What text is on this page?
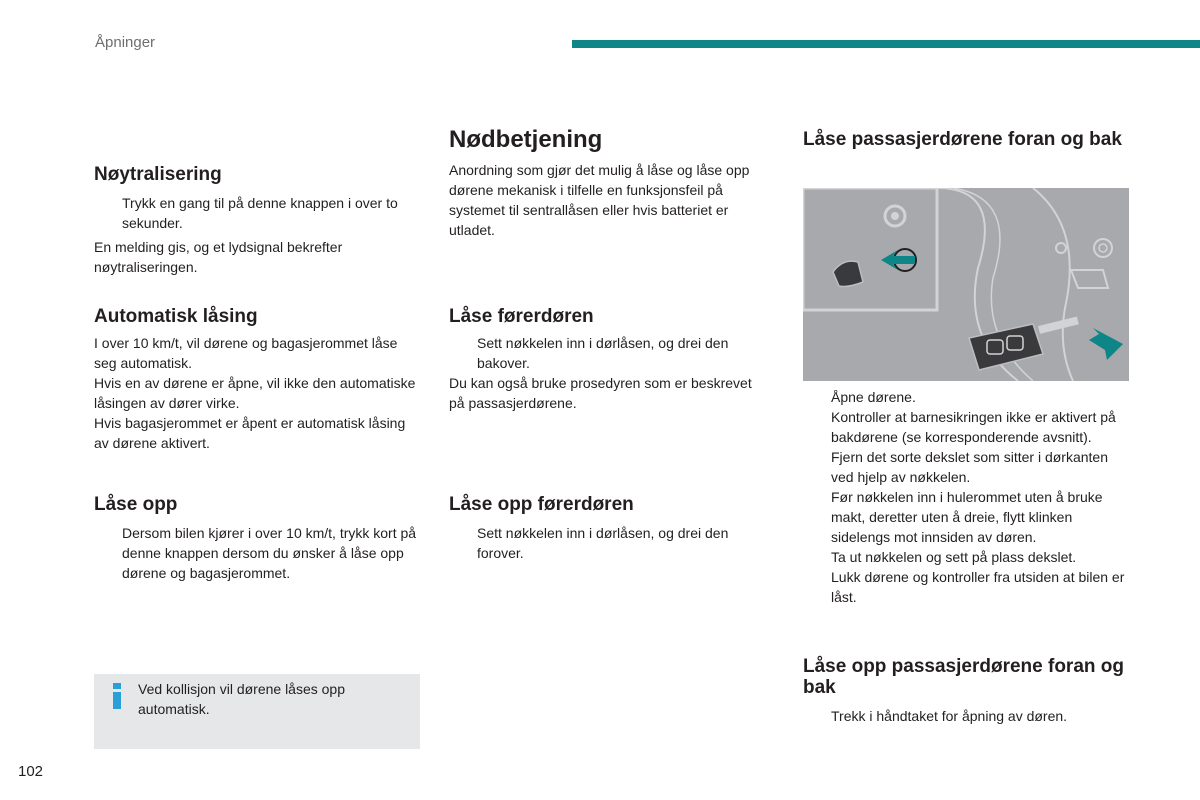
Åpninger
Nøytralisering
Trykk en gang til på denne knappen i over to sekunder.

En melding gis, og et lydsignal bekrefter nøytraliseringen.

Automatisk låsing

I over 10 km/t, vil dørene og bagasjerommet låse seg automatisk.

Hvis en av dørene er åpne, vil ikke den automatiske låsingen av dører virke.

Hvis bagasjerommet er åpent er automatisk låsing av dørene aktivert.

Låse opp
Dersom bilen kjører i over 10 km/t, trykk kort på denne knappen dersom du ønsker å låse opp dørene og bagasjerommet.
Ved kollisjon vil dørene låses opp automatisk.
Nødbetjening

Anordning som gjør det mulig å låse og låse opp dørene mekanisk i tilfelle en funksjonsfeil på systemet til sentrallåsen eller hvis batteriet er utladet.

Låse førerdøren
Sett nøkkelen inn i dørlåsen, og drei den bakover.

Du kan også bruke prosedyren som er beskrevet på passasjerdørene.

Låse opp førerdøren
Sett nøkkelen inn i dørlåsen, og drei den forover.
Låse passasjerdørene foran og bak
Åpne dørene.
Kontroller at barnesikringen ikke er aktivert på bakdørene (se korresponderende avsnitt).
Fjern det sorte dekslet som sitter i dørkanten ved hjelp av nøkkelen.
Før nøkkelen inn i hulerommet uten å bruke makt, deretter uten å dreie, flytt klinken sidelengs mot innsiden av døren.
Ta ut nøkkelen og sett på plass dekslet.
Lukk dørene og kontroller fra utsiden at bilen er låst.
Låse opp passasjerdørene foran og bak
Trekk i håndtaket for åpning av døren.
102
